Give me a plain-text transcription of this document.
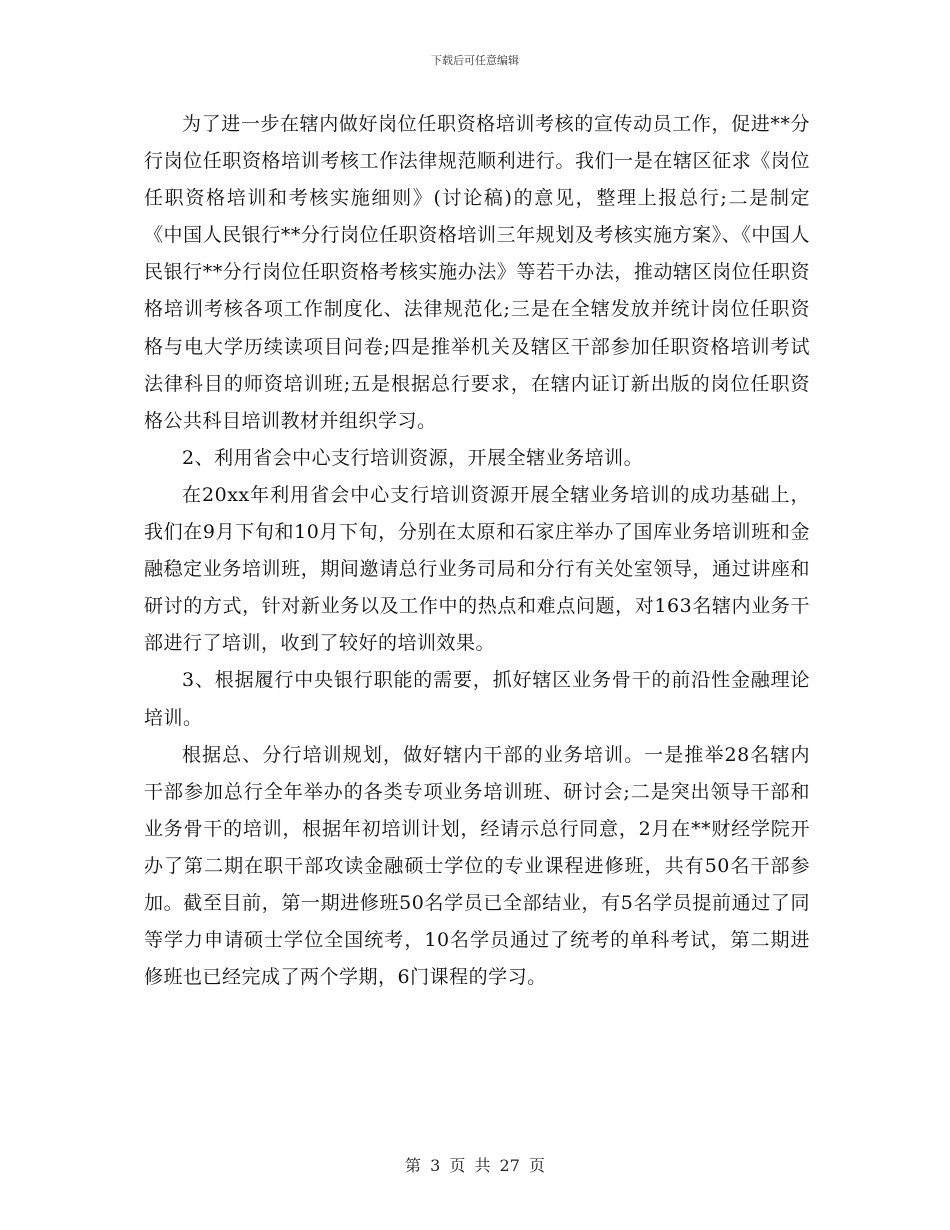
下载后可任意编辑

为了进一步在辖内做好岗位任职资格培训考核的宣传动员工作，促进**分行岗位任职资格培训考核工作法律规范顺利进行。我们一是在辖区征求《岗位任职资格培训和考核实施细则》(讨论稿)的意见，整理上报总行;二是制定《中国人民银行**分行岗位任职资格培训三年规划及考核实施方案》、《中国人民银行**分行岗位任职资格考核实施办法》等若干办法，推动辖区岗位任职资格培训考核各项工作制度化、法律规范化;三是在全辖发放并统计岗位任职资格与电大学历续读项目问卷;四是推举机关及辖区干部参加任职资格培训考试法律科目的师资培训班;五是根据总行要求，在辖内证订新出版的岗位任职资格公共科目培训教材并组织学习。

2、利用省会中心支行培训资源，开展全辖业务培训。

在20xx年利用省会中心支行培训资源开展全辖业务培训的成功基础上，我们在9月下旬和10月下旬，分别在太原和石家庄举办了国库业务培训班和金融稳定业务培训班，期间邀请总行业务司局和分行有关处室领导，通过讲座和研讨的方式，针对新业务以及工作中的热点和难点问题，对163名辖内业务干部进行了培训，收到了较好的培训效果。

3、根据履行中央银行职能的需要，抓好辖区业务骨干的前沿性金融理论培训。

根据总、分行培训规划，做好辖内干部的业务培训。一是推举28名辖内干部参加总行全年举办的各类专项业务培训班、研讨会;二是突出领导干部和业务骨干的培训，根据年初培训计划，经请示总行同意，2月在**财经学院开办了第二期在职干部攻读金融硕士学位的专业课程进修班，共有50名干部参加。截至目前，第一期进修班50名学员已全部结业，有5名学员提前通过了同等学力申请硕士学位全国统考，10名学员通过了统考的单科考试，第二期进修班也已经完成了两个学期，6门课程的学习。

第 3 页 共 27 页
